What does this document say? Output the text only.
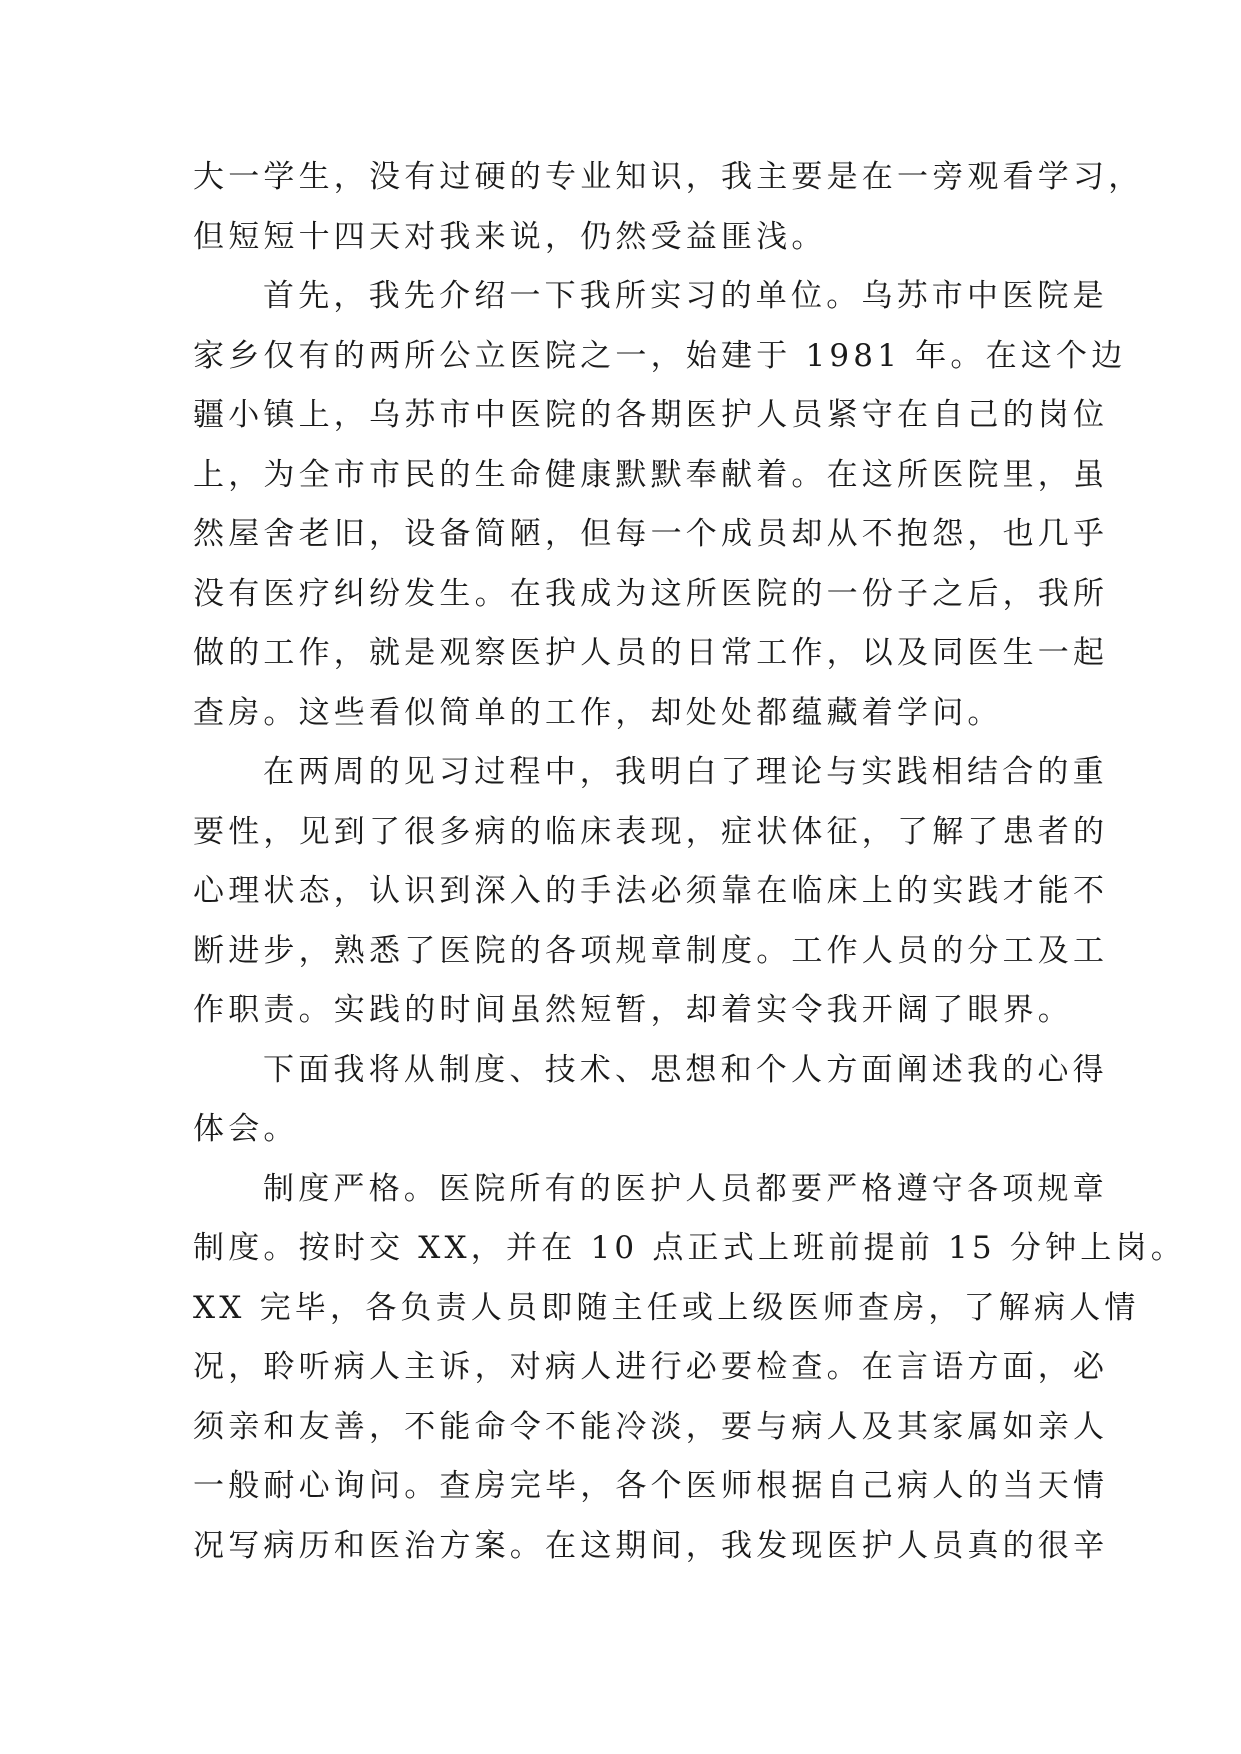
大一学生，没有过硬的专业知识，我主要是在一旁观看学习，
但短短十四天对我来说，仍然受益匪浅。
首先，我先介绍一下我所实习的单位。乌苏市中医院是
家乡仅有的两所公立医院之一，始建于 1981 年。在这个边
疆小镇上，乌苏市中医院的各期医护人员紧守在自己的岗位
上，为全市市民的生命健康默默奉献着。在这所医院里，虽
然屋舍老旧，设备简陋，但每一个成员却从不抱怨，也几乎
没有医疗纠纷发生。在我成为这所医院的一份子之后，我所
做的工作，就是观察医护人员的日常工作，以及同医生一起
查房。这些看似简单的工作，却处处都蕴藏着学问。
在两周的见习过程中，我明白了理论与实践相结合的重
要性，见到了很多病的临床表现，症状体征，了解了患者的
心理状态，认识到深入的手法必须靠在临床上的实践才能不
断进步，熟悉了医院的各项规章制度。工作人员的分工及工
作职责。实践的时间虽然短暂，却着实令我开阔了眼界。
下面我将从制度、技术、思想和个人方面阐述我的心得
体会。
制度严格。医院所有的医护人员都要严格遵守各项规章
制度。按时交 XX，并在 10 点正式上班前提前 15 分钟上岗。
XX 完毕，各负责人员即随主任或上级医师查房，了解病人情
况，聆听病人主诉，对病人进行必要检查。在言语方面，必
须亲和友善，不能命令不能冷淡，要与病人及其家属如亲人
一般耐心询问。查房完毕，各个医师根据自己病人的当天情
况写病历和医治方案。在这期间，我发现医护人员真的很辛
